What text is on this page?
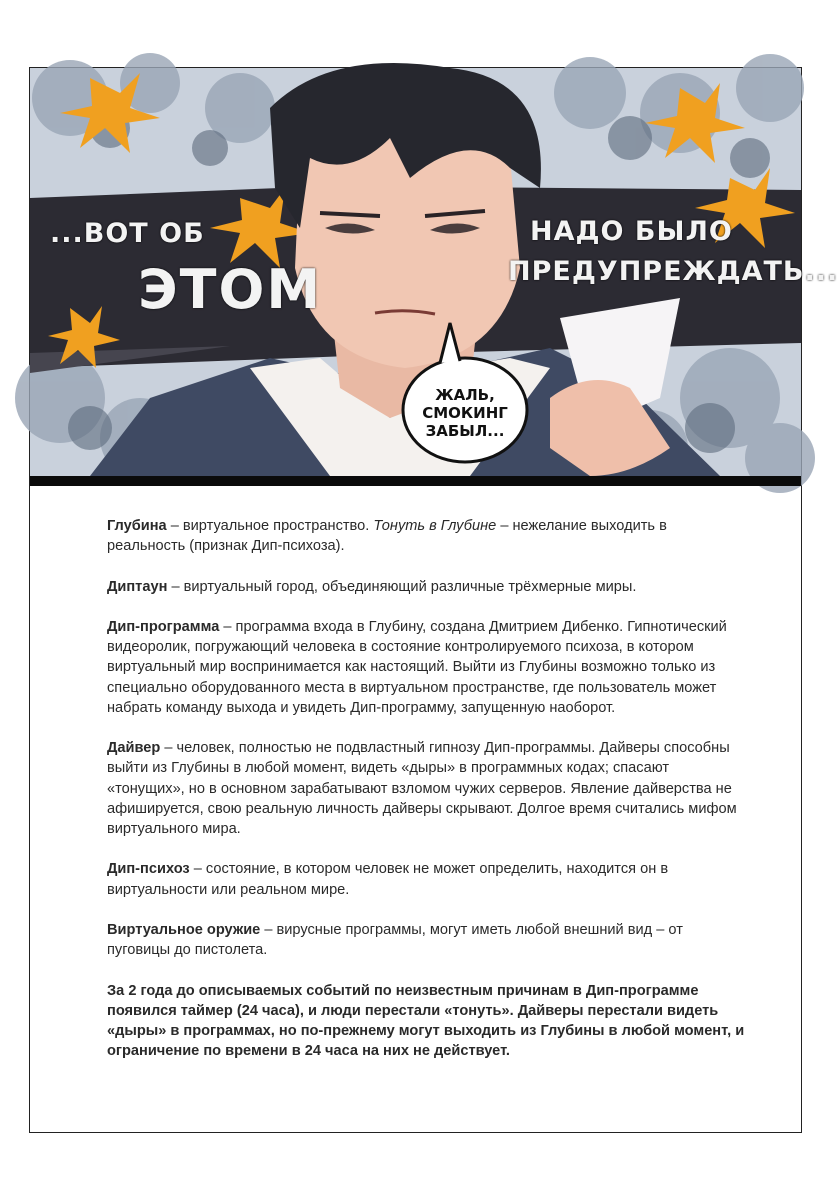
...ВОТ ОБ
ЭТОМ
НАДО БЫЛО
ПРЕДУПРЕЖДАТЬ...
ЖАЛЬ,
СМОКИНГ
ЗАБЫЛ...

Глубина – виртуальное пространство. Тонуть в Глубине – нежелание выходить в реальность (признак Дип-психоза).

Диптаун – виртуальный город, объединяющий различные трёхмерные миры.

Дип-программа – программа входа в Глубину, создана Дмитрием Дибенко. Гипнотический видеоролик, погружающий человека в состояние контролируемого психоза, в котором виртуальный мир воспринимается как настоящий. Выйти из Глубины возможно только из специально оборудованного места в виртуальном пространстве, где пользователь может набрать команду выхода и увидеть Дип-программу, запущенную наоборот.

Дайвер – человек, полностью не подвластный гипнозу Дип-программы. Дайверы способны выйти из Глубины в любой момент, видеть «дыры» в программных кодах; спасают «тонущих», но в основном зарабатывают взломом чужих серверов. Явление дайверства не афишируется, свою реальную личность дайверы скрывают. Долгое время считались мифом виртуального мира.

Дип-психоз – состояние, в котором человек не может определить, находится он в виртуальности или реальном мире.

Виртуальное оружие – вирусные программы, могут иметь любой внешний вид – от пуговицы до пистолета.

За 2 года до описываемых событий по неизвестным причинам в Дип-программе появился таймер (24 часа), и люди перестали «тонуть». Дайверы перестали видеть «дыры» в программах, но по-прежнему могут выходить из Глубины в любой момент, и ограничение по времени в 24 часа на них не действует.
